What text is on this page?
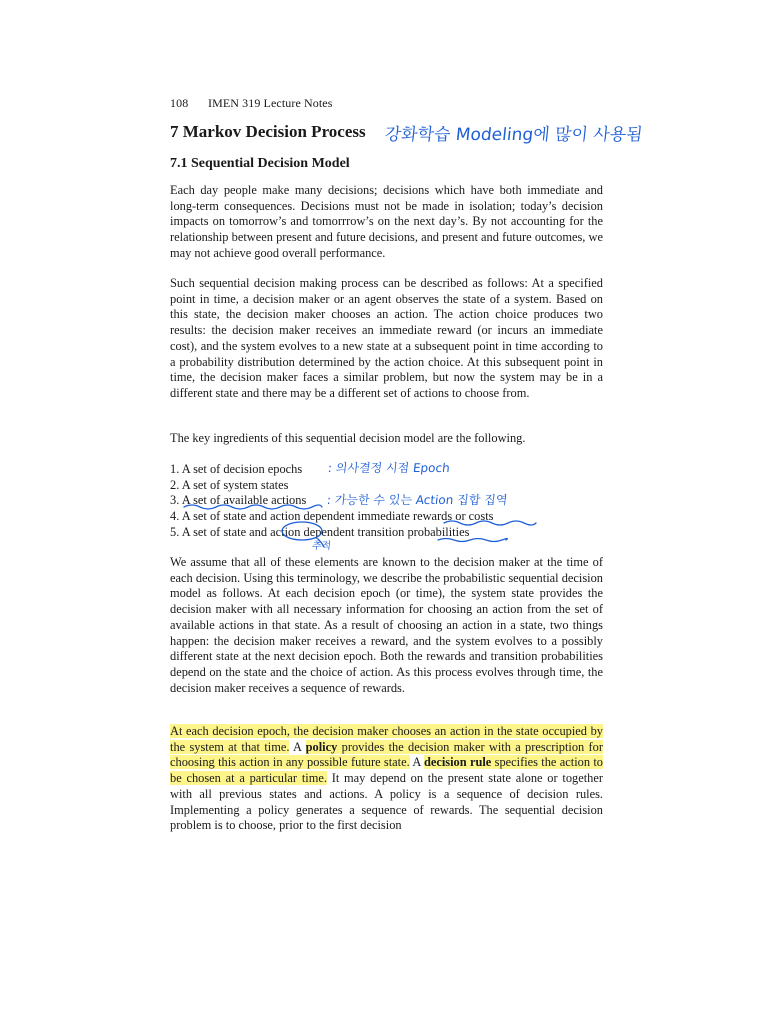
108 IMEN 319 Lecture Notes
7 Markov Decision Process 강화학습 Modeling에 많이 사용됨
7.1 Sequential Decision Model

Each day people make many decisions; decisions which have both immediate and long-term consequences. Decisions must not be made in isolation; today’s decision impacts on tomorrow’s and tomorrrow’s on the next day’s. By not accounting for the relationship between present and future decisions, and present and future outcomes, we may not achieve good overall performance.

Such sequential decision making process can be described as follows: At a specified point in time, a decision maker or an agent observes the state of a system. Based on this state, the decision maker chooses an action. The action choice produces two results: the decision maker receives an immediate reward (or incurs an immediate cost), and the system evolves to a new state at a subsequent point in time according to a probability distribution determined by the action choice. At this subsequent point in time, the decision maker faces a similar problem, but now the system may be in a different state and there may be a different set of actions to choose from.

The key ingredients of this sequential decision model are the following.

1. A set of decision epochs
2. A set of system states
3. A set of available actions
4. A set of state and action dependent immediate rewards or costs
5. A set of state and action dependent transition probabilities
: 의사결정 시점 Epoch
: 가능한 수 있는 Action 집합 집역
추적

We assume that all of these elements are known to the decision maker at the time of each decision. Using this terminology, we describe the probabilistic sequential decision model as follows. At each decision epoch (or time), the system state provides the decision maker with all necessary information for choosing an action from the set of available actions in that state. As a result of choosing an action in a state, two things happen: the decision maker receives a reward, and the system evolves to a possibly different state at the next decision epoch. Both the rewards and transition probabilities depend on the state and the choice of action. As this process evolves through time, the decision maker receives a sequence of rewards.

At each decision epoch, the decision maker chooses an action in the state occupied by the system at that time. A policy provides the decision maker with a prescription for choosing this action in any possible future state. A decision rule specifies the action to be chosen at a particular time. It may depend on the present state alone or together with all previous states and actions. A policy is a sequence of decision rules. Implementing a policy generates a sequence of rewards. The sequential decision problem is to choose, prior to the first decision
